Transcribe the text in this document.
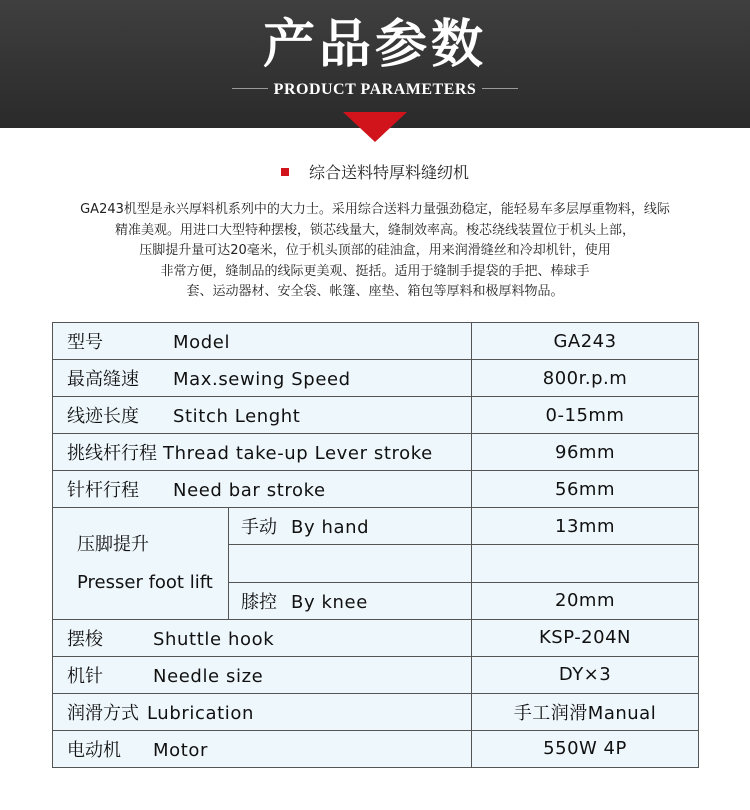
产品参数
PRODUCT PARAMETERS
综合送料特厚料缝纫机
GA243机型是永兴厚料机系列中的大力士。采用综合送料力量强劲稳定，能轻易车多层厚重物料，线际
精准美观。用进口大型特种摆梭，锁芯线量大，缝制效率高。梭芯绕线装置位于机头上部，
压脚提升量可达20毫米，位于机头顶部的硅油盒，用来润滑缝丝和冷却机针，使用
非常方便，缝制品的线际更美观、挺括。适用于缝制手提袋的手把、棒球手
套、运动器材、安全袋、帐篷、座垫、箱包等厚料和极厚料物品。
型号 Model		GA243
最高缝速 Max.sewing Speed		800r.p.m
线迹长度 Stitch Lenght		0-15mm
挑线杆行程 Thread take-up Lever stroke		96mm
针杆行程 Need bar stroke		56mm

压脚提升
Presser foot lift	手动 By hand	13mm

	膝控 By knee	20mm
摆梭 Shuttle hook		KSP-204N
机针 Needle size		DY×3
润滑方式 Lubrication		手工润滑Manual
电动机 Motor		550W 4P
